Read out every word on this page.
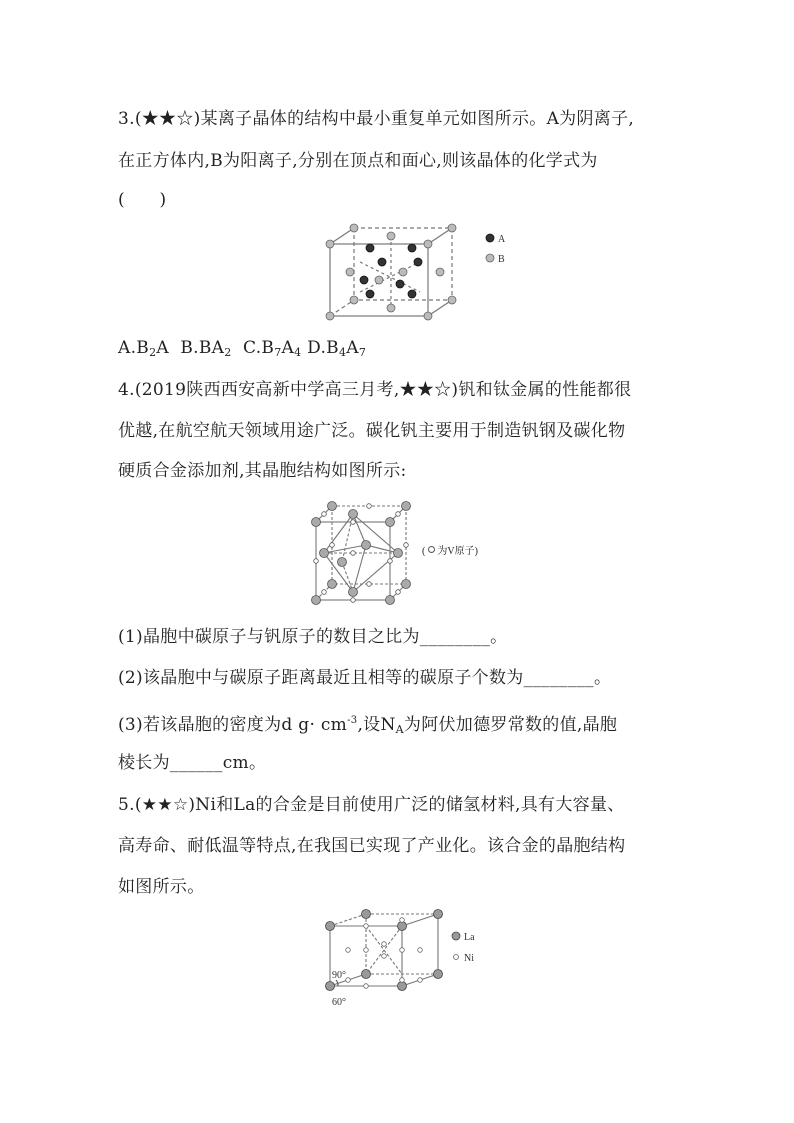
3.(★★☆)某离子晶体的结构中最小重复单元如图所示。A为阴离子,
在正方体内,B为阳离子,分别在顶点和面心,则该晶体的化学式为
(　　)
A
B
A.B2A B.BA2 C.B7A4 D.B4A7
4.(2019陕西西安高新中学高三月考,★★☆)钒和钛金属的性能都很
优越,在航空航天领域用途广泛。碳化钒主要用于制造钒钢及碳化物
硬质合金添加剂,其晶胞结构如图所示:
( 为V原子)
(1)晶胞中碳原子与钒原子的数目之比为________。
(2)该晶胞中与碳原子距离最近且相等的碳原子个数为________。
(3)若该晶胞的密度为d $g\cdot cm^{-3}$,设NA为阿伏加德罗常数的值,晶胞
棱长为______cm。
5.(★★☆)Ni和La的合金是目前使用广泛的储氢材料,具有大容量、
高寿命、耐低温等特点,在我国已实现了产业化。该合金的晶胞结构
如图所示。
90°
60°
La
Ni
